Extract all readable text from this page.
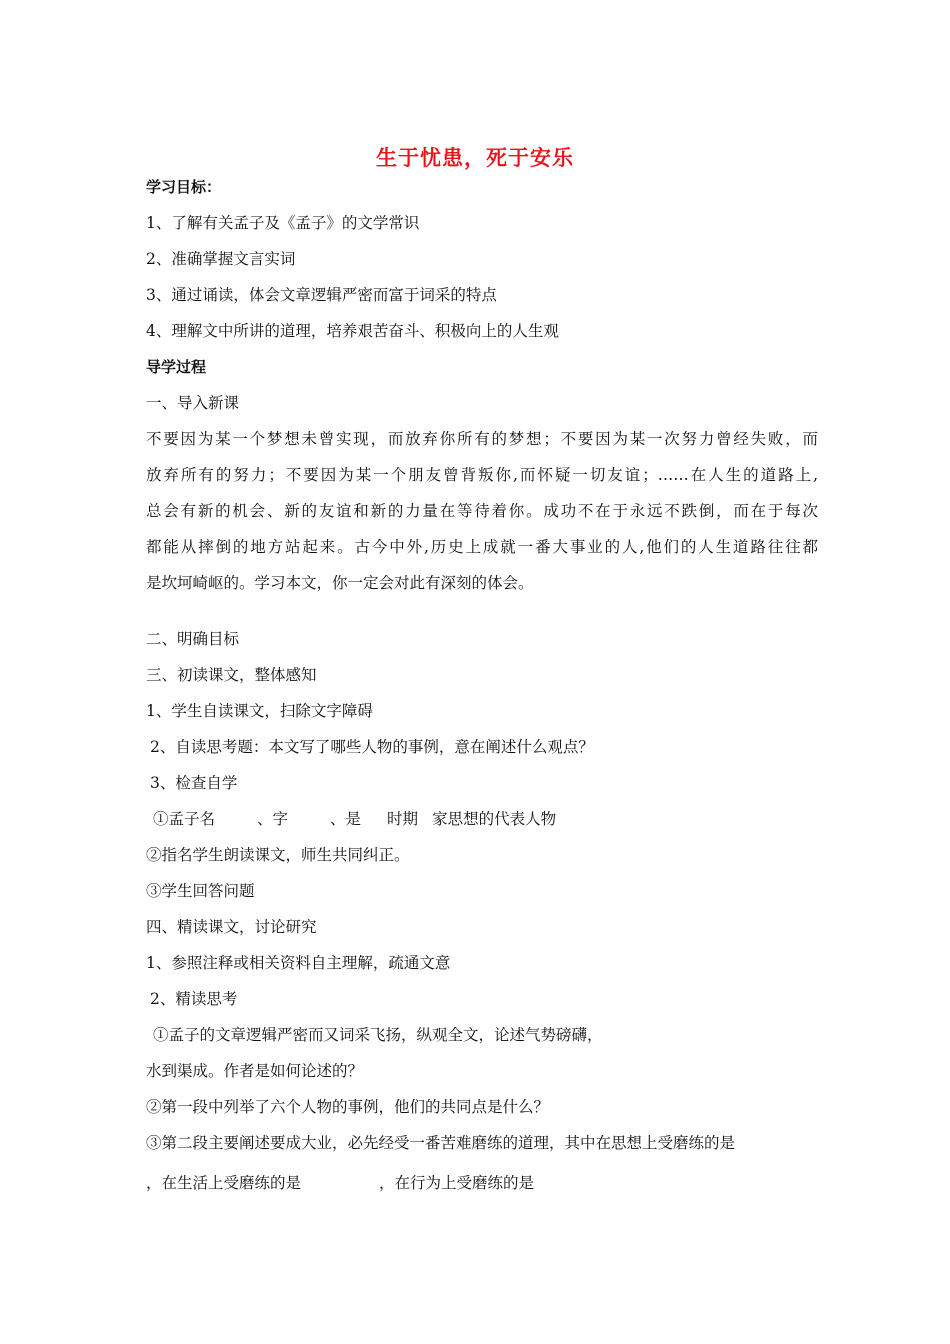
生于忧患，死于安乐
学习目标：
1、了解有关孟子及《孟子》的文学常识
2、准确掌握文言实词
3、通过诵读，体会文章逻辑严密而富于词采的特点
4、理解文中所讲的道理，培养艰苦奋斗、积极向上的人生观
导学过程
一、导入新课
不要因为某一个梦想未曾实现，而放弃你所有的梦想；不要因为某一次努力曾经失败，而
放弃所有的努力；不要因为某一个朋友曾背叛你,而怀疑一切友谊；……在人生的道路上,
总会有新的机会、新的友谊和新的力量在等待着你。成功不在于永远不跌倒，而在于每次
都能从摔倒的地方站起来。古今中外,历史上成就一番大事业的人,他们的人生道路往往都
是坎坷崎岖的。学习本文，你一定会对此有深刻的体会。
二、明确目标
三、初读课文，整体感知
1、学生自读课文，扫除文字障碍
2、自读思考题：本文写了哪些人物的事例，意在阐述什么观点？
3、检查自学
①孟子名	、字	、是 时期 家思想的代表人物
②指名学生朗读课文，师生共同纠正。
③学生回答问题
四、精读课文，讨论研究
1、参照注释或相关资料自主理解，疏通文意
2、精读思考
①孟子的文章逻辑严密而又词采飞扬，纵观全文，论述气势磅礴，
水到渠成。作者是如何论述的？
②第一段中列举了六个人物的事例，他们的共同点是什么？
③第二段主要阐述要成大业，必先经受一番苦难磨练的道理，其中在思想上受磨练的是
，在生活上受磨练的是	，在行为上受磨练的是
